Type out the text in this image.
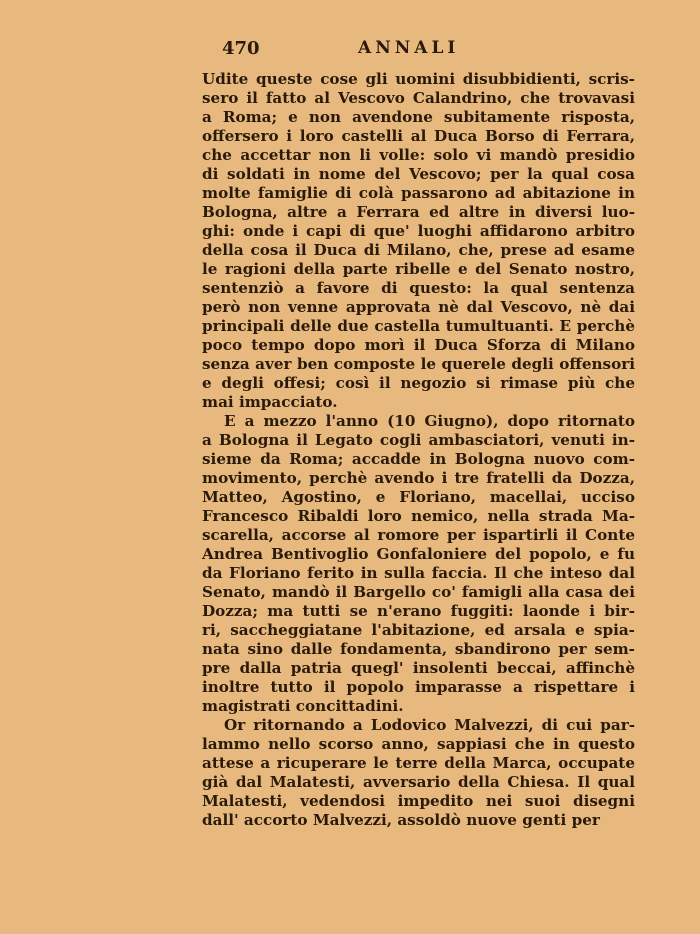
470	ANNALI
Udite queste cose gli uomini disubbidienti, scris-
sero il fatto al Vescovo Calandrino, che trovavasi
a Roma; e non avendone subitamente risposta,
offersero i loro castelli al Duca Borso di Ferrara,
che accettar non li volle: solo vi mandò presidio
di soldati in nome del Vescovo; per la qual cosa
molte famiglie di colà passarono ad abitazione in
Bologna, altre a Ferrara ed altre in diversi luo-
ghi: onde i capi di que' luoghi affidarono arbitro
della cosa il Duca di Milano, che, prese ad esame
le ragioni della parte ribelle e del Senato nostro,
sentenziò a favore di questo: la qual sentenza
però non venne approvata nè dal Vescovo, nè dai
principali delle due castella tumultuanti. E perchè
poco tempo dopo morì il Duca Sforza di Milano
senza aver ben composte le querele degli offensori
e degli offesi; così il negozio si rimase più che
mai impacciato.
E a mezzo l'anno (10 Giugno), dopo ritornato
a Bologna il Legato cogli ambasciatori, venuti in-
sieme da Roma; accadde in Bologna nuovo com-
movimento, perchè avendo i tre fratelli da Dozza,
Matteo, Agostino, e Floriano, macellai, ucciso
Francesco Ribaldi loro nemico, nella strada Ma-
scarella, accorse al romore per ispartirli il Conte
Andrea Bentivoglio Gonfaloniere del popolo, e fu
da Floriano ferito in sulla faccia. Il che inteso dal
Senato, mandò il Bargello co' famigli alla casa dei
Dozza; ma tutti se n'erano fuggiti: laonde i bir-
ri, saccheggiatane l'abitazione, ed arsala e spia-
nata sino dalle fondamenta, sbandirono per sem-
pre dalla patria quegl' insolenti beccai, affinchè
inoltre tutto il popolo imparasse a rispettare i
magistrati concittadini.
Or ritornando a Lodovico Malvezzi, di cui par-
lammo nello scorso anno, sappiasi che in questo
attese a ricuperare le terre della Marca, occupate
già dal Malatesti, avversario della Chiesa. Il qual
Malatesti, vedendosi impedito nei suoi disegni
dall' accorto Malvezzi, assoldò nuove genti per
